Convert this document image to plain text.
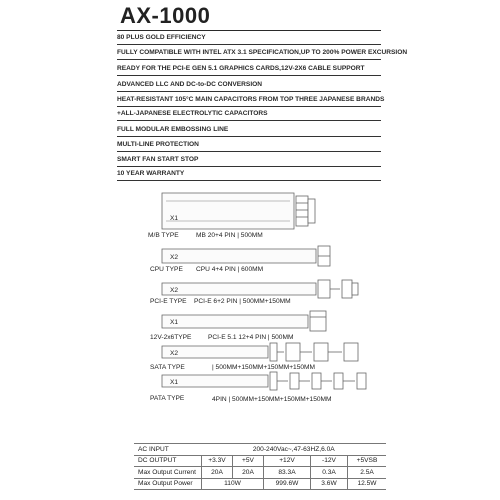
AX-1000
80 PLUS GOLD EFFICIENCY
FULLY COMPATIBLE WITH INTEL ATX 3.1 SPECIFICATION,UP TO 200% POWER EXCURSION
READY FOR THE PCI-E GEN 5.1 GRAPHICS CARDS,12V-2X6 CABLE SUPPORT
ADVANCED LLC AND DC-to-DC CONVERSION
HEAT-RESISTANT 105°C MAIN CAPACITORS FROM TOP THREE JAPANESE BRANDS
+ALL-JAPANESE ELECTROLYTIC CAPACITORS
FULL MODULAR EMBOSSING LINE
MULTI-LINE PROTECTION
SMART FAN START STOP
10 YEAR WARRANTY
X1
M/B TYPE	MB 20+4 PIN | 500MM
X2
CPU TYPE CPU 4+4 PIN | 600MM
X2
PCI-E TYPE PCI-E 6+2 PIN | 500MM+150MM
X1
12V-2x6TYPE	PCI-E 5.1 12+4 PIN | 500MM
X2
SATA TYPE	| 500MM+150MM+150MM+150MM
X1
PATA TYPE	4PIN | 500MM+150MM+150MM+150MM
AC INPUT	200-240Vac~,47-63HZ,6.0A				
DC OUTPUT	+3.3V	+5V	+12V	-12V	+5VSB
Max Output Current	20A	20A	83.3A	0.3A	2.5A
Max Output Power	110W		999.6W	3.6W	12.5W
